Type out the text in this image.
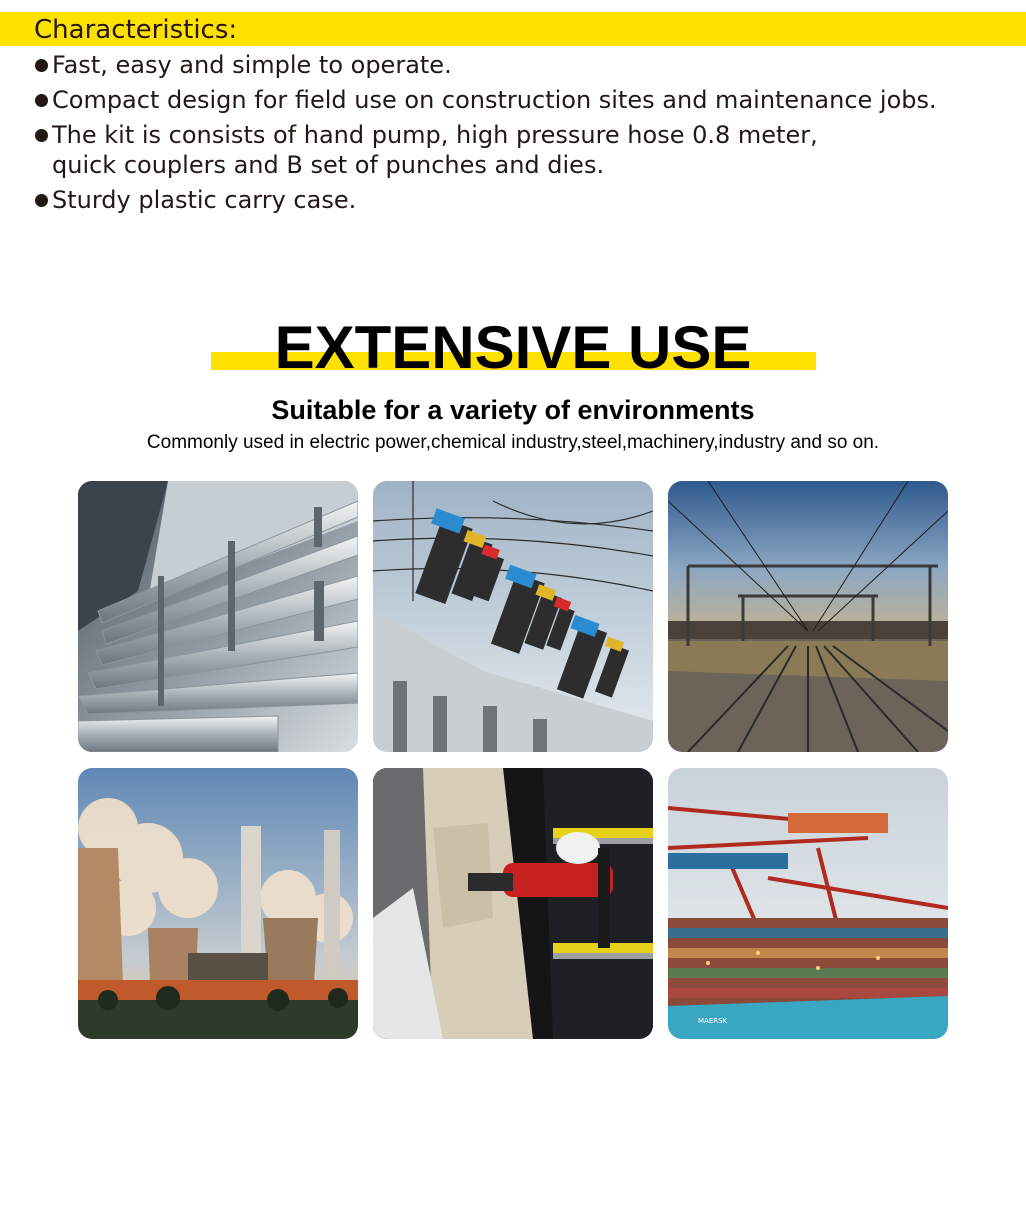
Characteristics:
Fast, easy and simple to operate.
Compact design for field use on construction sites and maintenance jobs.
The kit is consists of hand pump, high pressure hose 0.8 meter, quick couplers and B set of punches and dies.
Sturdy plastic carry case.
EXTENSIVE USE
Suitable for a variety of environments
Commonly used in electric power,chemical industry,steel,machinery,industry and so on.
MAERSK
